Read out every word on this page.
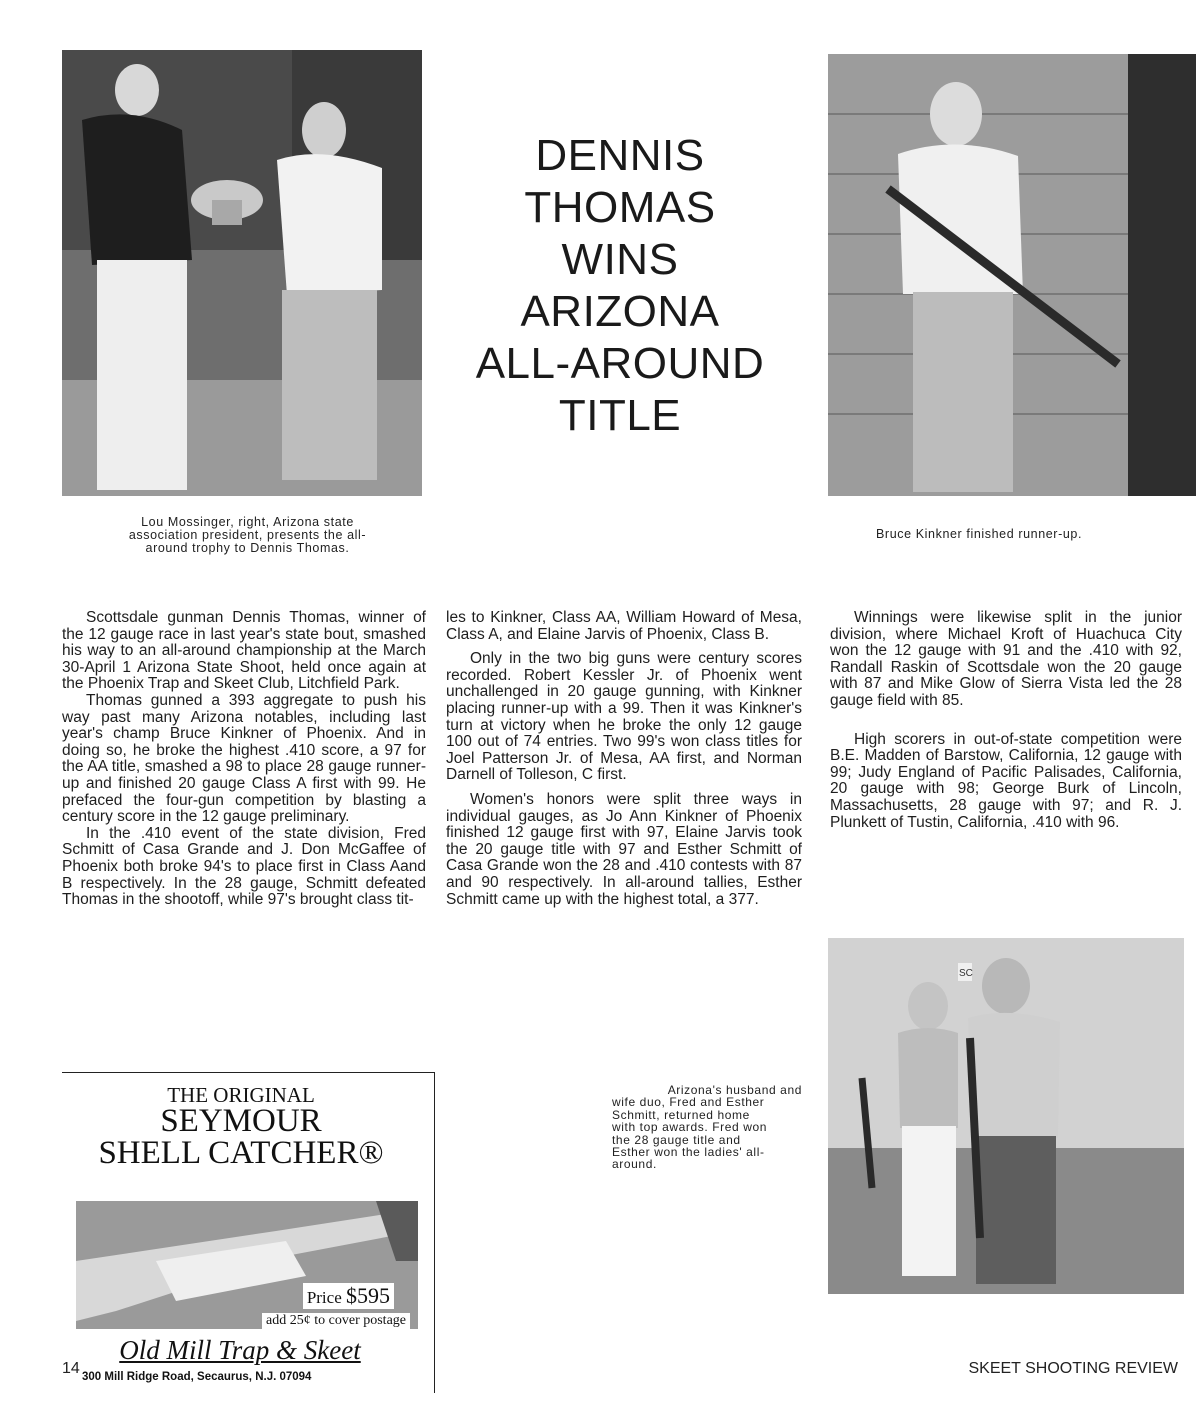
Lou Mossinger, right, Arizona state
association president, presents the all-
around trophy to Dennis Thomas.
DENNIS
THOMAS
WINS
ARIZONA
ALL-AROUND
TITLE
Bruce Kinkner finished runner-up.

Scottsdale gunman Dennis Thomas, winner of the 12 gauge race in last year's state bout, smashed his way to an all-around championship at the March 30-April 1 Arizona State Shoot, held once again at the Phoenix Trap and Skeet Club, Litchfield Park.

Thomas gunned a 393 aggregate to push his way past many Arizona notables, including last year's champ Bruce Kinkner of Phoenix. And in doing so, he broke the highest .410 score, a 97 for the AA title, smashed a 98 to place 28 gauge runner-up and finished 20 gauge Class A first with 99. He prefaced the four-gun competition by blasting a century score in the 12 gauge preliminary.

In the .410 event of the state division, Fred Schmitt of Casa Grande and J. Don McGaffee of Phoenix both broke 94's to place first in Class Aand B respectively. In the 28 gauge, Schmitt defeated Thomas in the shootoff, while 97's brought class tit-

les to Kinkner, Class AA, William Howard of Mesa, Class A, and Elaine Jarvis of Phoenix, Class B.

Only in the two big guns were century scores recorded. Robert Kessler Jr. of Phoenix went unchallenged in 20 gauge gunning, with Kinkner placing runner-up with a 99. Then it was Kinkner's turn at victory when he broke the only 12 gauge 100 out of 74 entries. Two 99's won class titles for Joel Patterson Jr. of Mesa, AA first, and Norman Darnell of Tolleson, C first.

Women's honors were split three ways in individual gauges, as Jo Ann Kinkner of Phoenix finished 12 gauge first with 97, Elaine Jarvis took the 20 gauge title with 97 and Esther Schmitt of Casa Grande won the 28 and .410 contests with 87 and 90 respectively. In all-around tallies, Esther Schmitt came up with the highest total, a 377.

Winnings were likewise split in the junior division, where Michael Kroft of Huachuca City won the 12 gauge with 91 and the .410 with 92, Randall Raskin of Scottsdale won the 20 gauge with 87 and Mike Glow of Sierra Vista led the 28 gauge field with 85.

High scorers in out-of-state competition were B.E. Madden of Barstow, California, 12 gauge with 99; Judy England of Pacific Palisades, California, 20 gauge with 98; George Burk of Lincoln, Massachusetts, 28 gauge with 97; and R. J. Plunkett of Tustin, California, .410 with 96.

Arizona's husband and
wife duo, Fred and Esther
Schmitt, returned home
with top awards. Fred won
the 28 gauge title and
Esther won the ladies' all-
around.
SC
THE ORIGINAL
SEYMOUR
SHELL CATCHER®
Price $595
add 25¢ to cover postage
Old Mill Trap & Skeet
300 Mill Ridge Road, Secaurus, N.J. 07094
14	SKEET SHOOTING REVIEW
